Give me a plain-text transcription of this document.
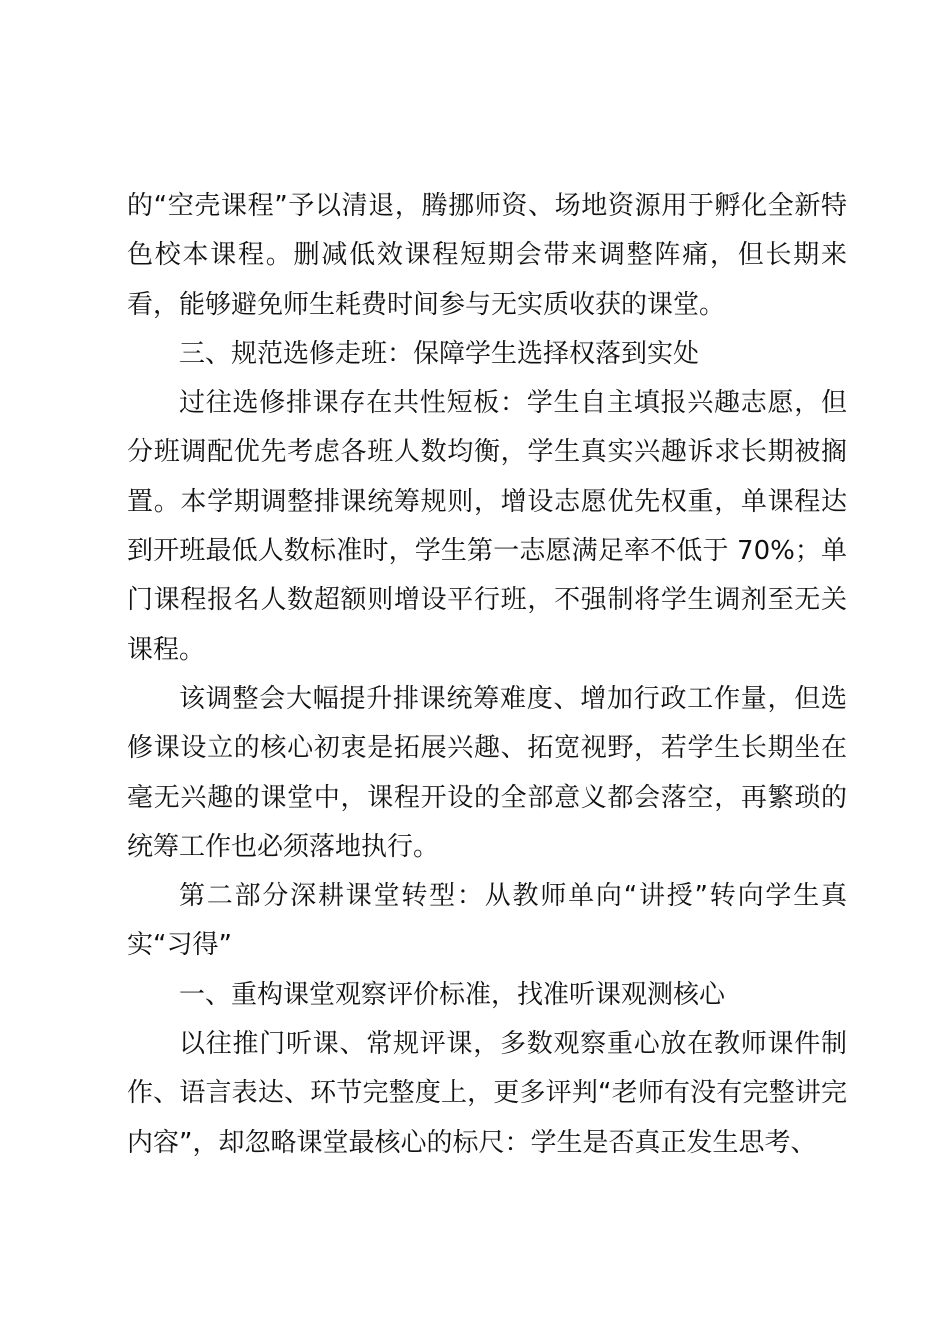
的“空壳课程”予以清退，腾挪师资、场地资源用于孵化全新特色校本课程。删减低效课程短期会带来调整阵痛，但长期来看，能够避免师生耗费时间参与无实质收获的课堂。

三、规范选修走班：保障学生选择权落到实处

过往选修排课存在共性短板：学生自主填报兴趣志愿，但分班调配优先考虑各班人数均衡，学生真实兴趣诉求长期被搁置。本学期调整排课统筹规则，增设志愿优先权重，单课程达到开班最低人数标准时，学生第一志愿满足率不低于 70%；单门课程报名人数超额则增设平行班，不强制将学生调剂至无关课程。

该调整会大幅提升排课统筹难度、增加行政工作量，但选修课设立的核心初衷是拓展兴趣、拓宽视野，若学生长期坐在毫无兴趣的课堂中，课程开设的全部意义都会落空，再繁琐的统筹工作也必须落地执行。

第二部分深耕课堂转型：从教师单向“讲授”转向学生真实“习得”

一、重构课堂观察评价标准，找准听课观测核心

以往推门听课、常规评课，多数观察重心放在教师课件制作、语言表达、环节完整度上，更多评判“老师有没有完整讲完内容”，却忽略课堂最核心的标尺：学生是否真正发生思考、
